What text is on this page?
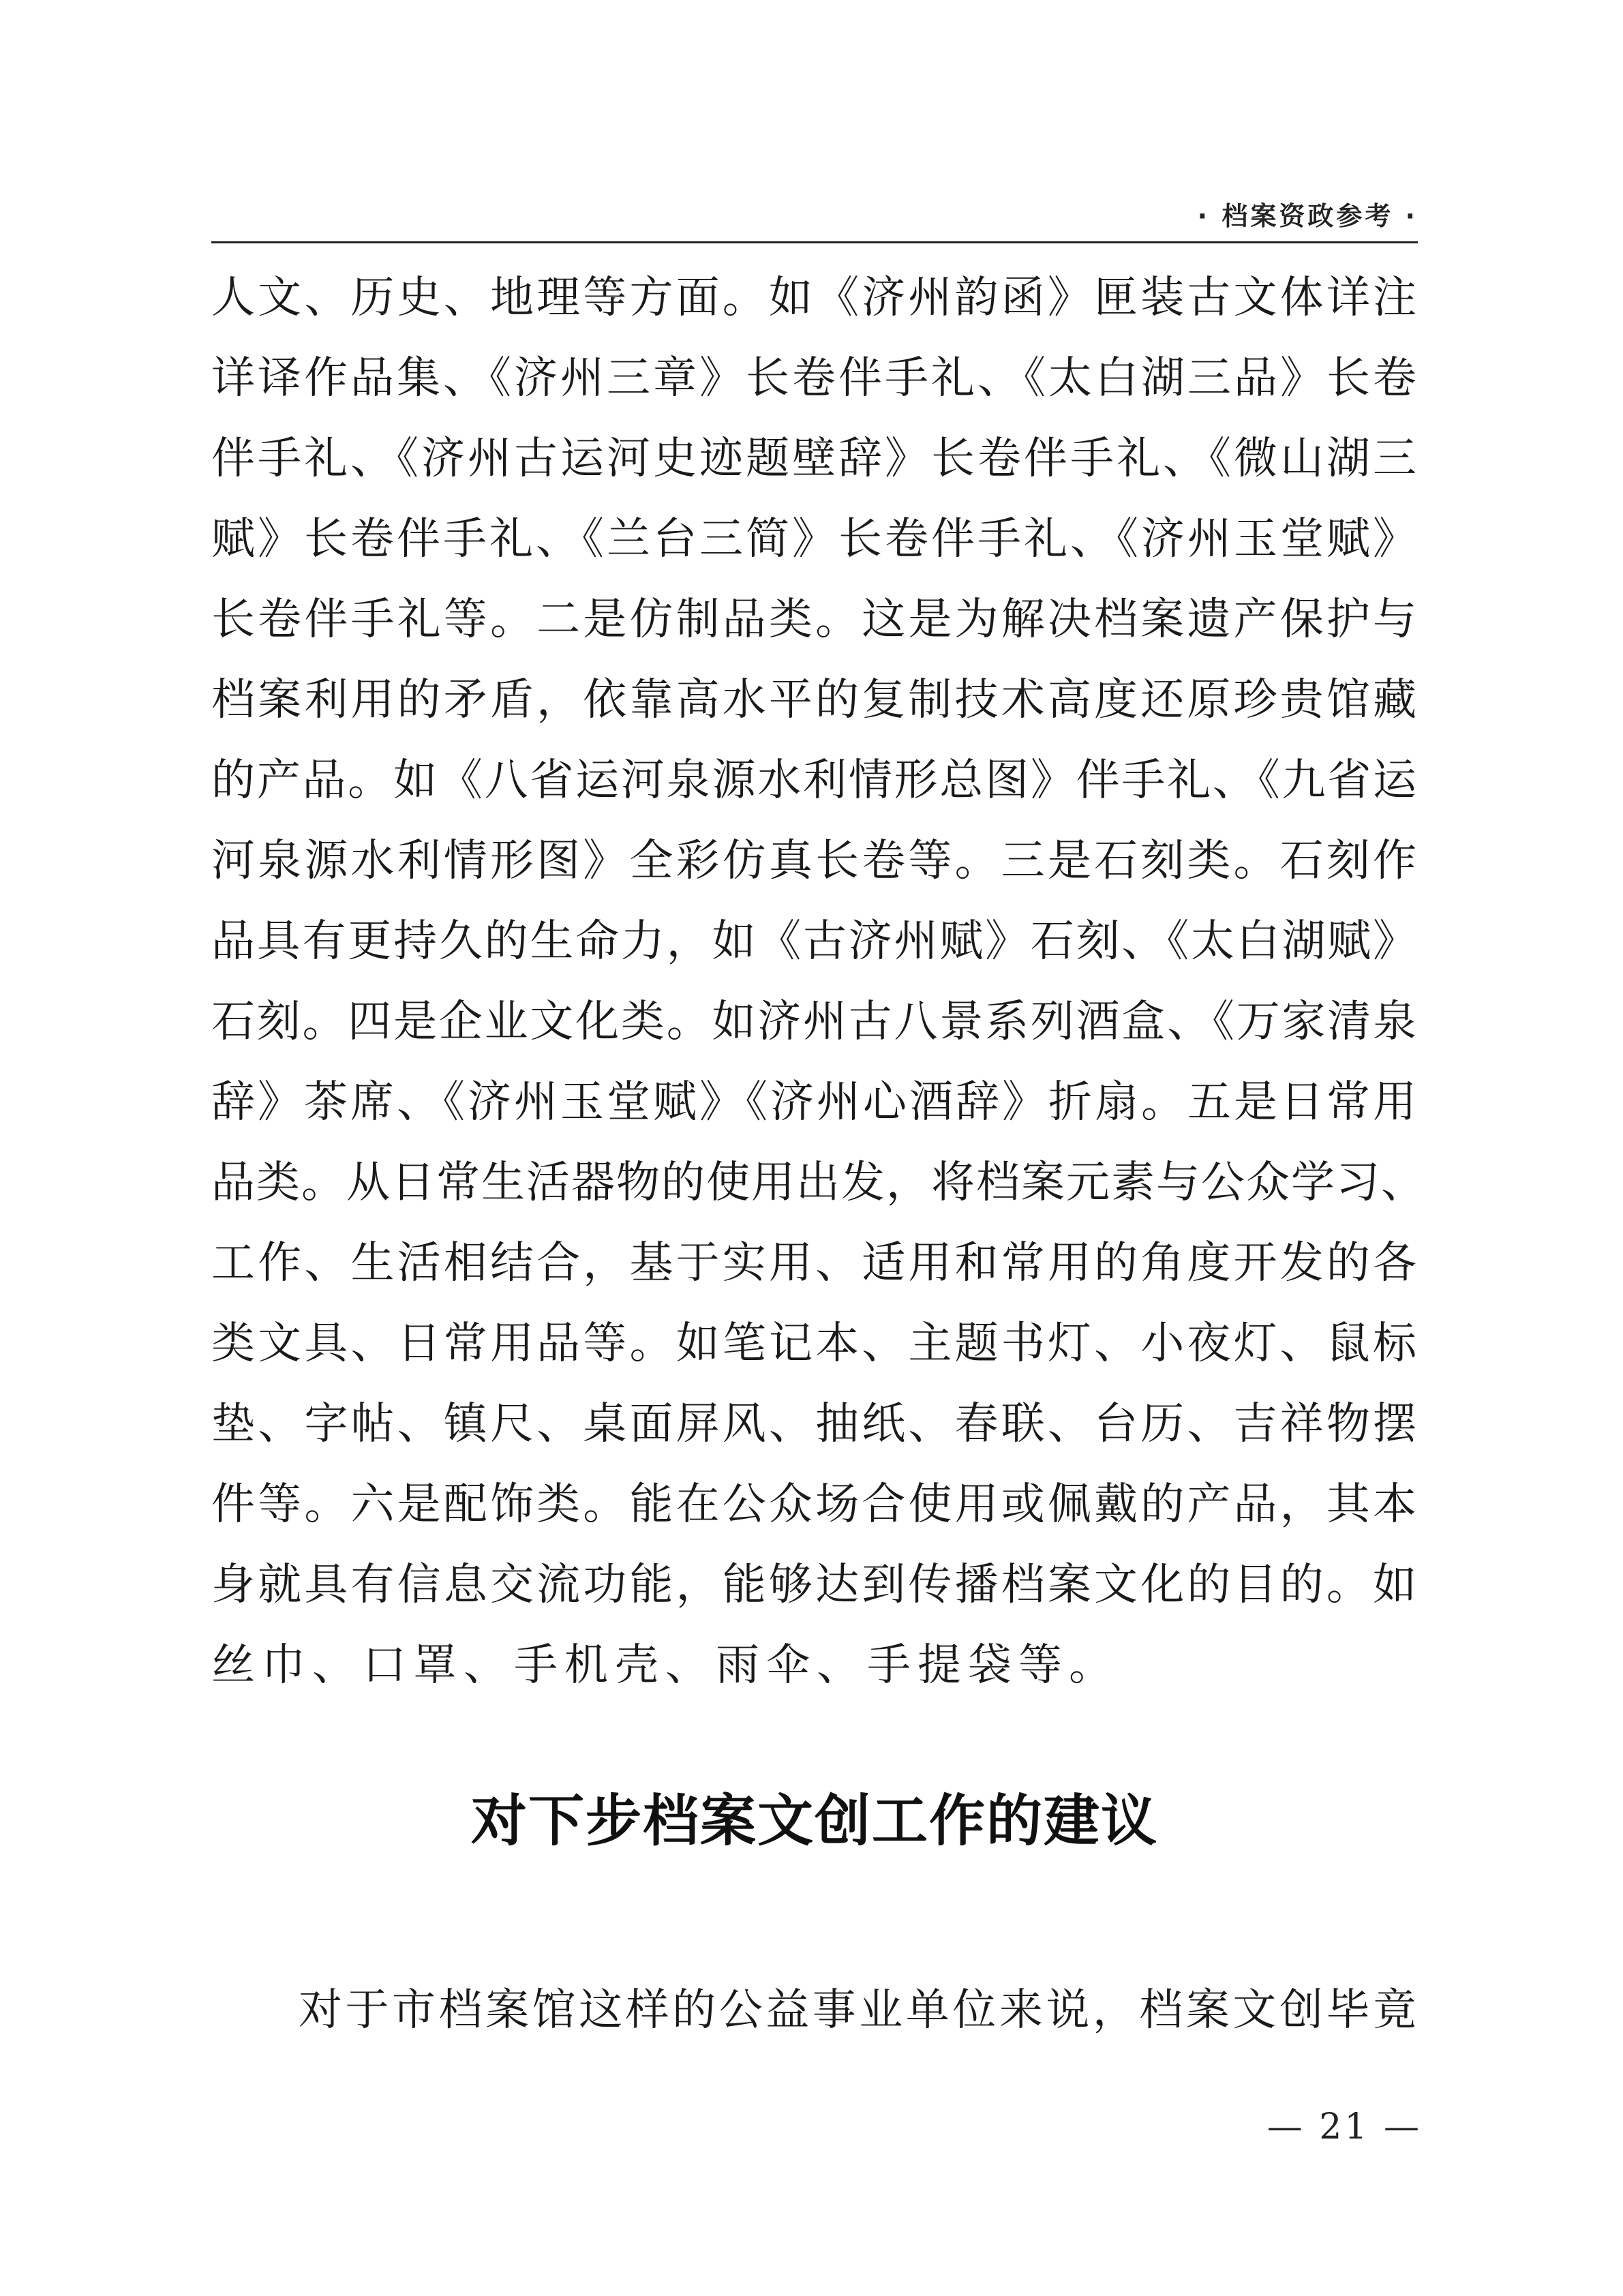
· 档案资政参考 ·
人文、历史、地理等方面。如《济州韵函》匣装古文体详注
详译作品集、《济州三章》长卷伴手礼、《太白湖三品》长卷
伴手礼、《济州古运河史迹题壁辞》长卷伴手礼、《微山湖三
赋》长卷伴手礼、《兰台三简》长卷伴手礼、《济州玉堂赋》
长卷伴手礼等。二是仿制品类。这是为解决档案遗产保护与
档案利用的矛盾，依靠高水平的复制技术高度还原珍贵馆藏
的产品。如《八省运河泉源水利情形总图》伴手礼、《九省运
河泉源水利情形图》全彩仿真长卷等。三是石刻类。石刻作
品具有更持久的生命力，如《古济州赋》石刻、《太白湖赋》
石刻。四是企业文化类。如济州古八景系列酒盒、《万家清泉
辞》茶席、《济州玉堂赋》《济州心酒辞》折扇。五是日常用
品类。从日常生活器物的使用出发，将档案元素与公众学习、
工作、生活相结合，基于实用、适用和常用的角度开发的各
类文具、日常用品等。如笔记本、主题书灯、小夜灯、鼠标
垫、字帖、镇尺、桌面屏风、抽纸、春联、台历、吉祥物摆
件等。六是配饰类。能在公众场合使用或佩戴的产品，其本
身就具有信息交流功能，能够达到传播档案文化的目的。如
丝巾、口罩、手机壳、雨伞、手提袋等。
对下步档案文创工作的建议
对于市档案馆这样的公益事业单位来说，档案文创毕竟
— 21 —
